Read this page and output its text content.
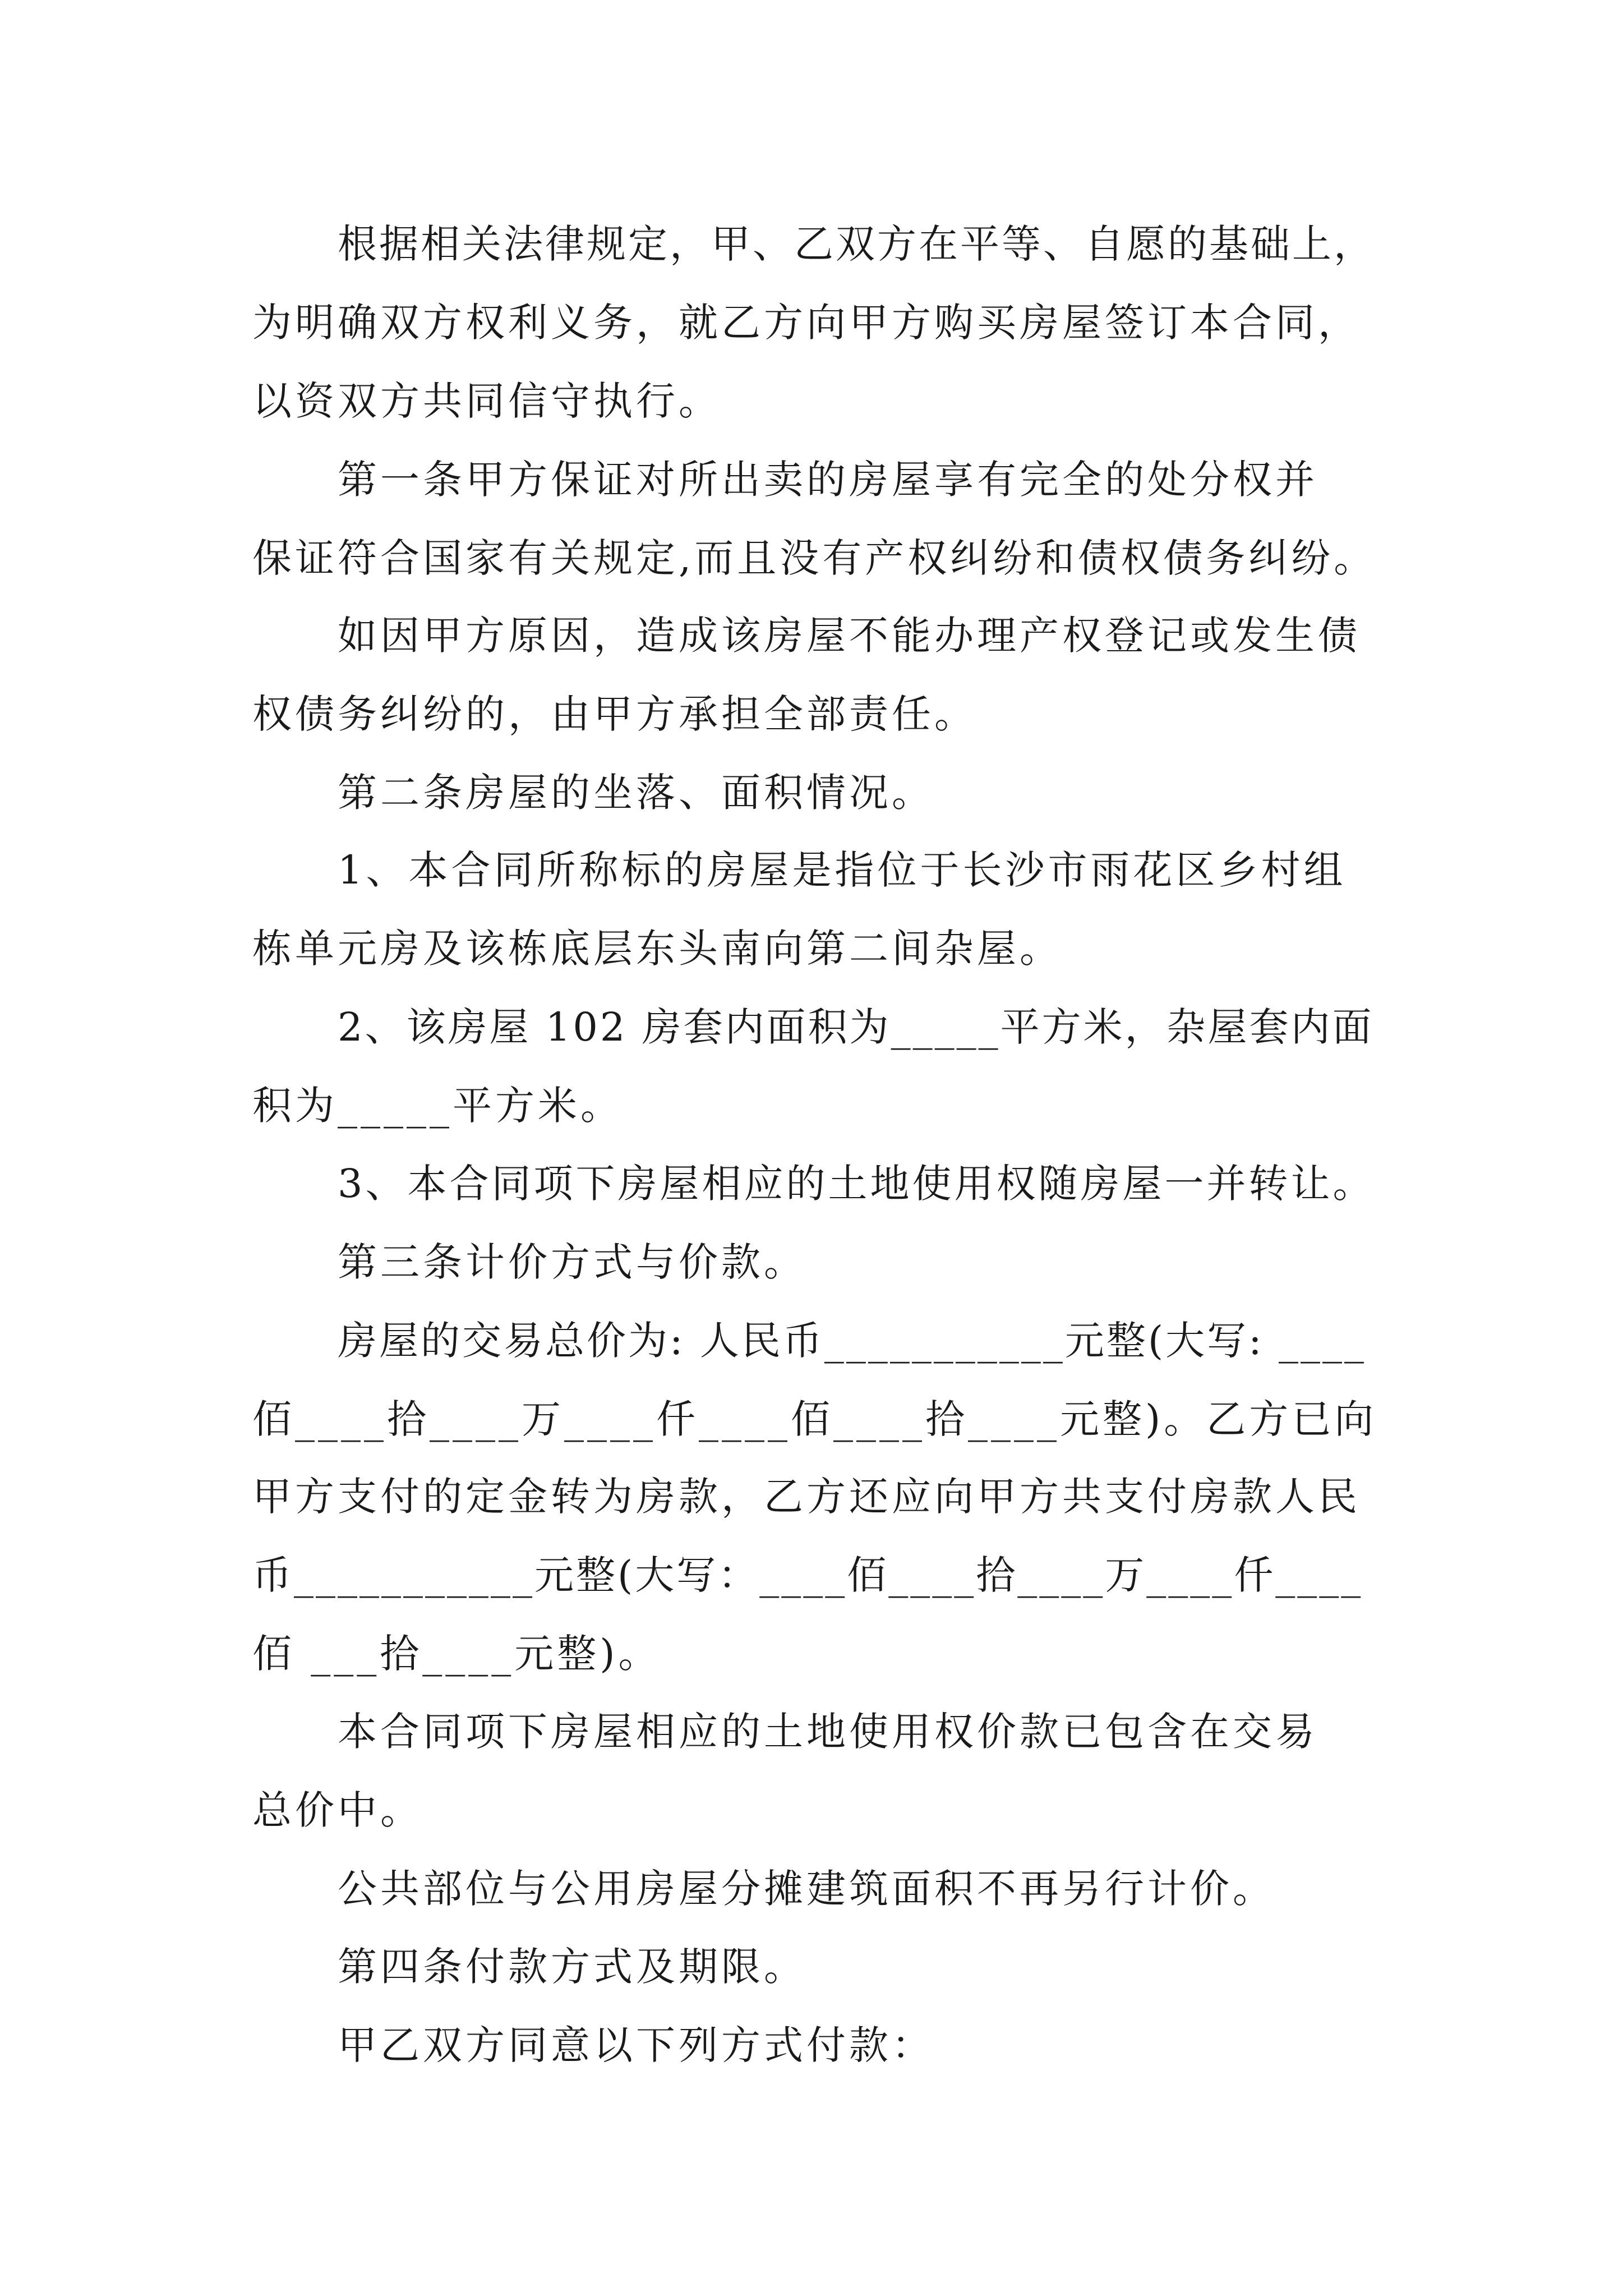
根据相关法律规定，甲、乙双方在平等、自愿的基础上，
为明确双方权利义务，就乙方向甲方购买房屋签订本合同，
以资双方共同信守执行。
第一条甲方保证对所出卖的房屋享有完全的处分权并
保证符合国家有关规定,而且没有产权纠纷和债权债务纠纷。
如因甲方原因，造成该房屋不能办理产权登记或发生债
权债务纠纷的，由甲方承担全部责任。
第二条房屋的坐落、面积情况。
1、本合同所称标的房屋是指位于长沙市雨花区乡村组
栋单元房及该栋底层东头南向第二间杂屋。
2、该房屋 102 房套内面积为_____平方米，杂屋套内面
积为_____平方米。
3、本合同项下房屋相应的土地使用权随房屋一并转让。
第三条计价方式与价款。
房屋的交易总价为: 人民币___________元整(大写: ____
佰____拾____万____仟____佰____拾____元整)。乙方已向
甲方支付的定金转为房款，乙方还应向甲方共支付房款人民
币___________元整(大写：____佰____拾____万____仟____
佰 ___拾____元整)。
本合同项下房屋相应的土地使用权价款已包含在交易
总价中。
公共部位与公用房屋分摊建筑面积不再另行计价。
第四条付款方式及期限。
甲乙双方同意以下列方式付款：
